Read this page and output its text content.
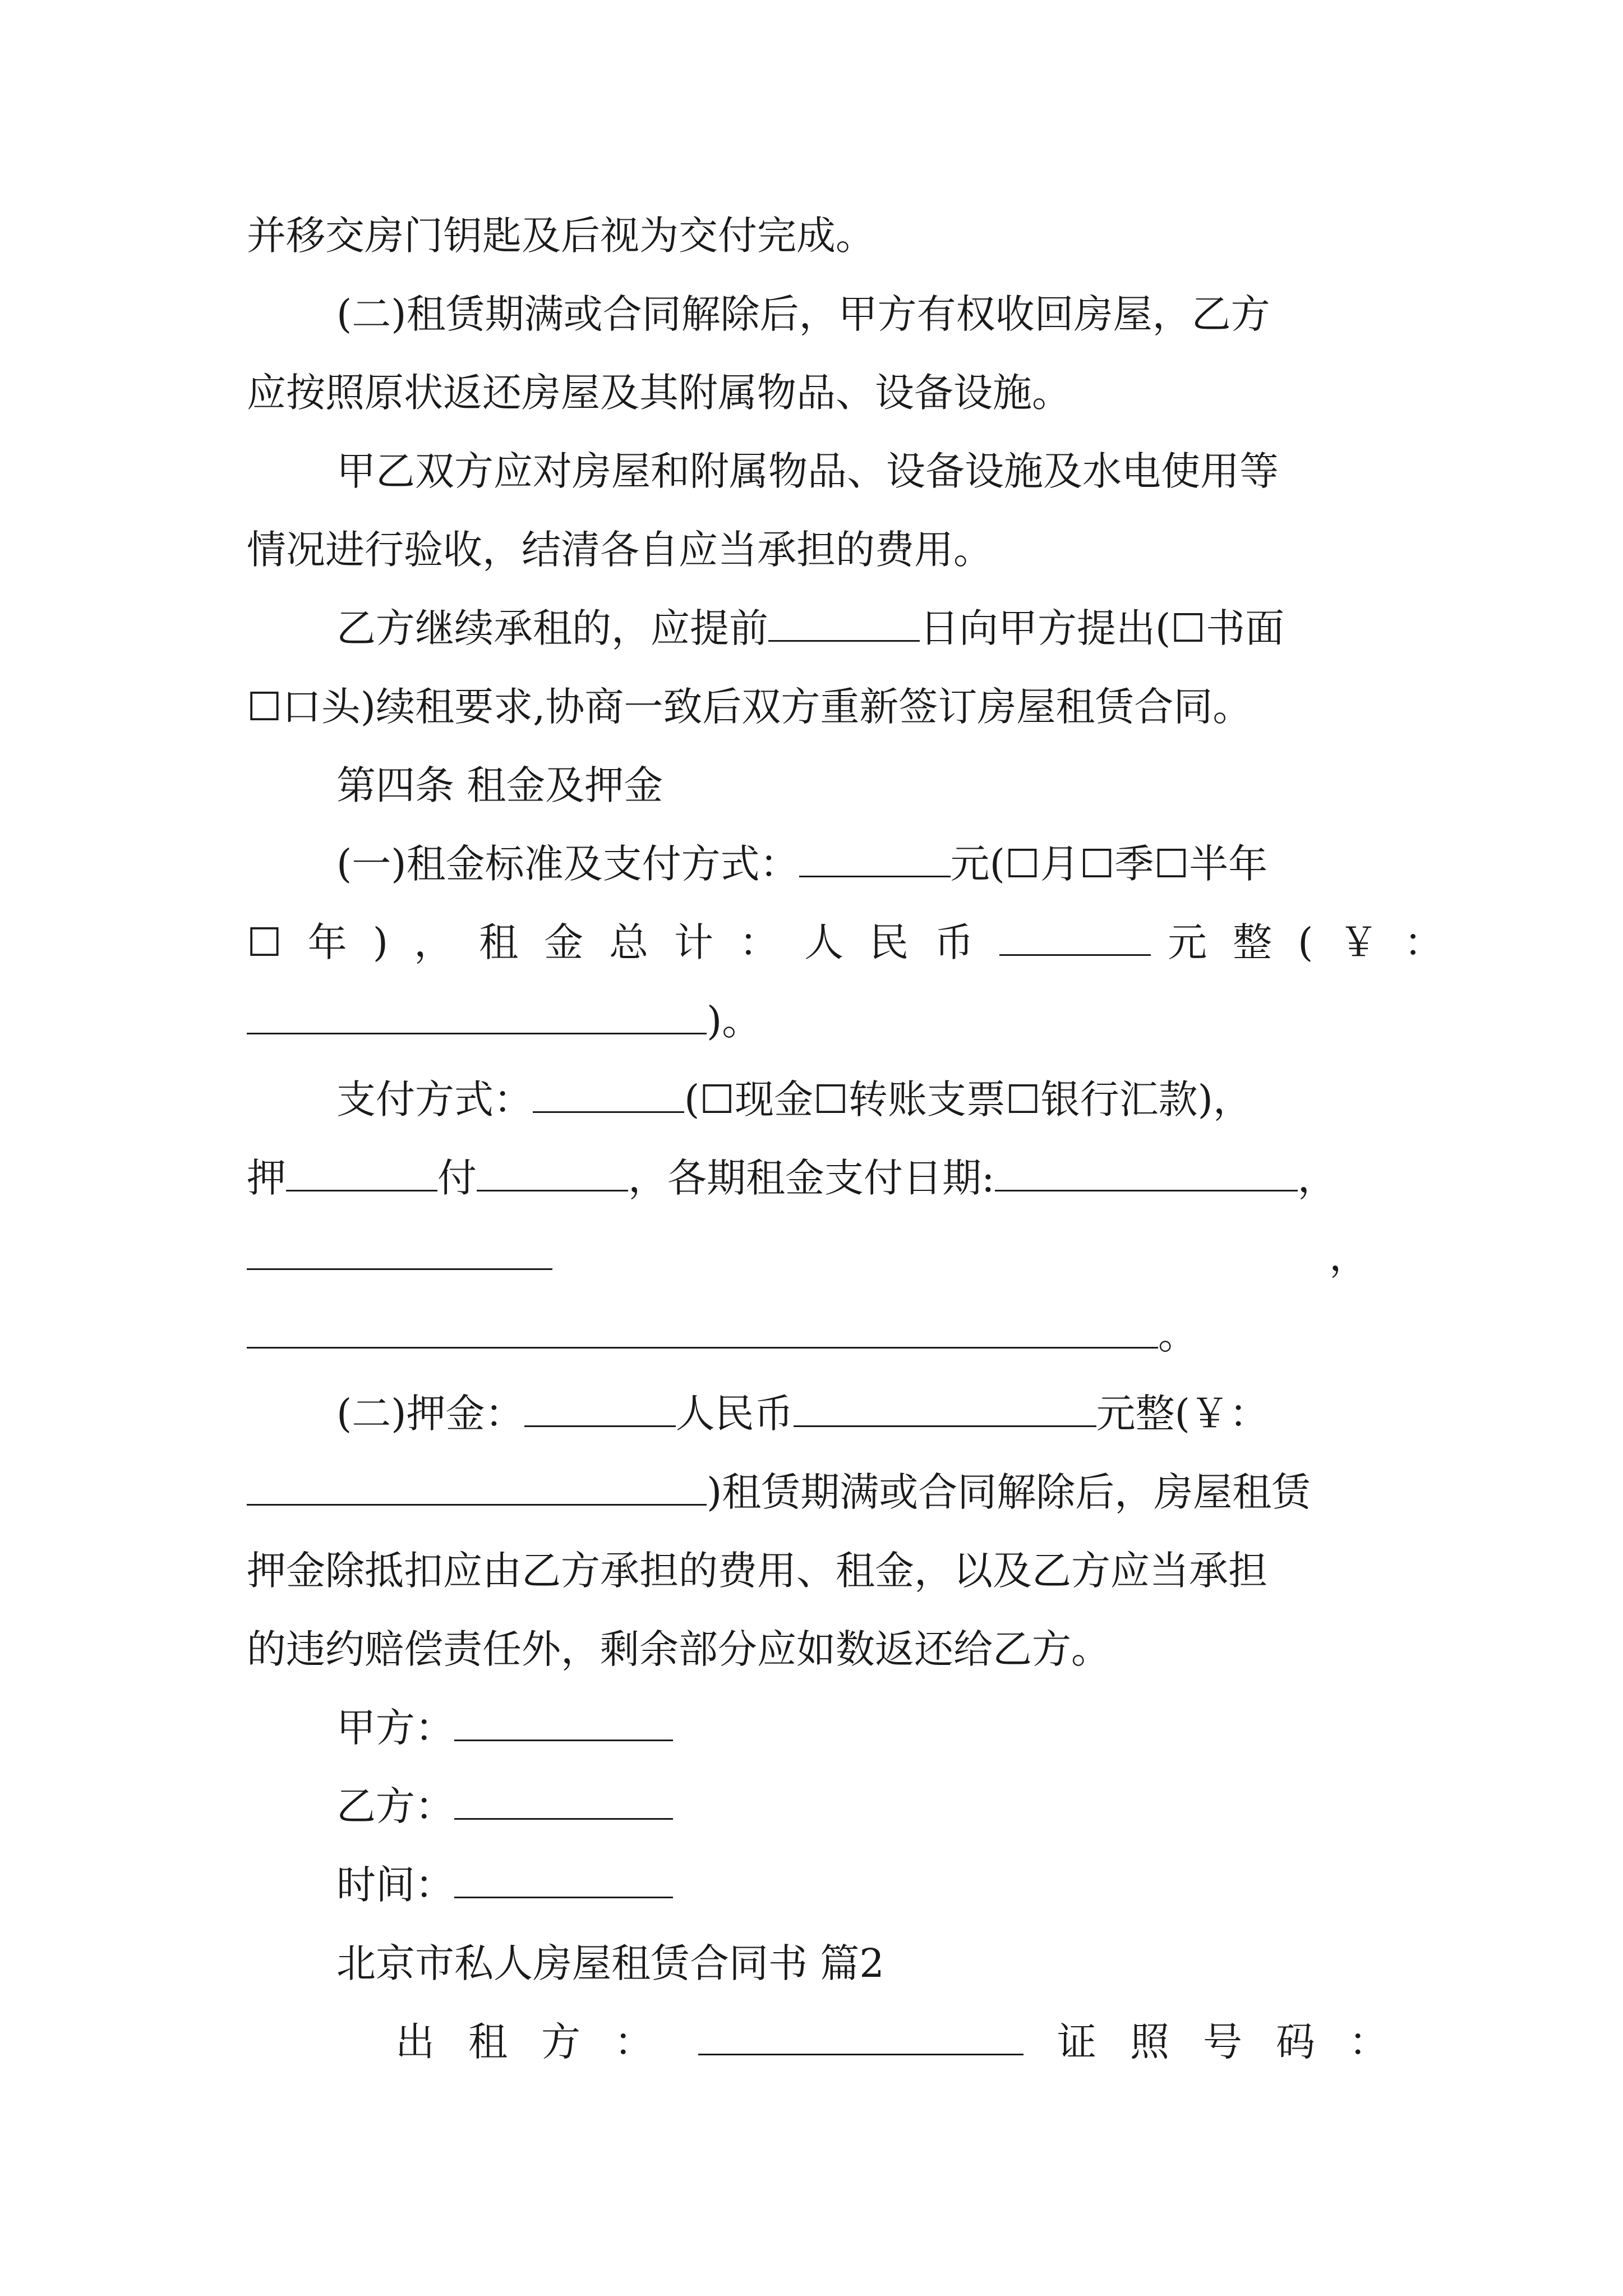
并移交房门钥匙及后视为交付完成。
(二)租赁期满或合同解除后，甲方有权收回房屋，乙方
应按照原状返还房屋及其附属物品、设备设施。
甲乙双方应对房屋和附属物品、设备设施及水电使用等
情况进行验收，结清各自应当承担的费用。
乙方继续承租的，应提前	日向甲方提出(☐书面
☐口头)续租要求,协商一致后双方重新签订房屋租赁合同。
第四条 租金及押金
(一)租金标准及支付方式：	元(☐月☐季☐半年
☐年)，租金总计：人民币	元整(￥：
)。
支付方式：	(☐现金☐转账支票☐银行汇款)，
押	付	，各期租金支付日期:	，
，
。
(二)押金：	人民币	元整(￥：
)租赁期满或合同解除后，房屋租赁
押金除抵扣应由乙方承担的费用、租金，以及乙方应当承担
的违约赔偿责任外，剩余部分应如数返还给乙方。
甲方：
乙方：
时间：
北京市私人房屋租赁合同书 篇2
出租方：	证照号码：
